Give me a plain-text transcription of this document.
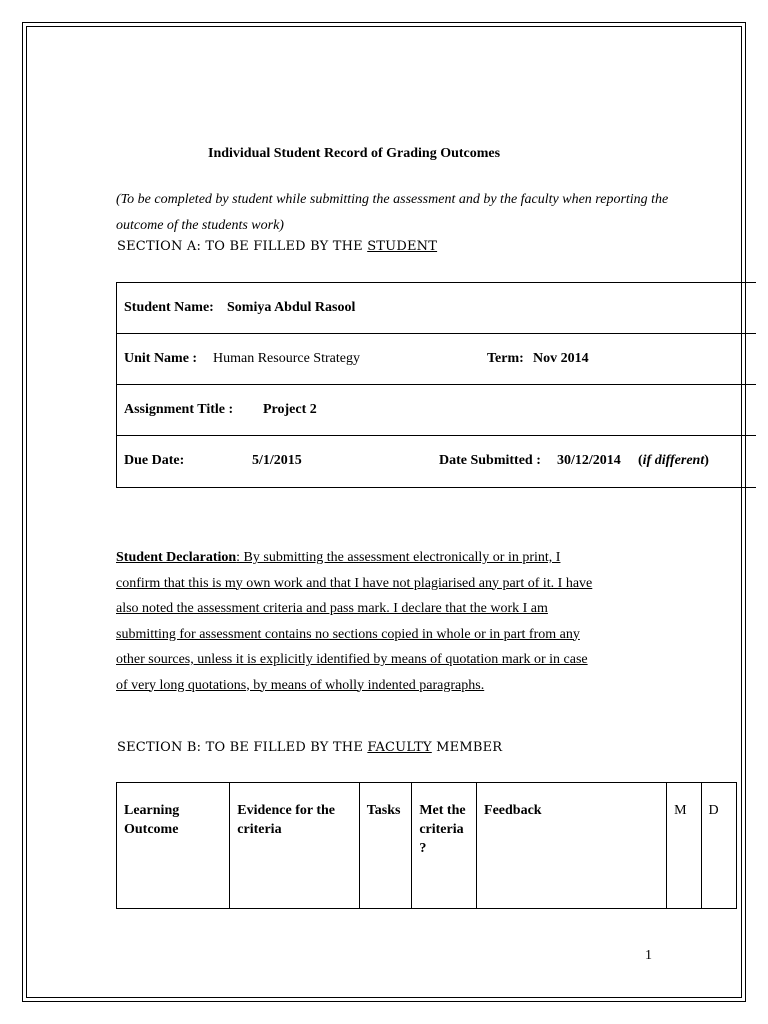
Individual Student Record of Grading Outcomes
(To be completed by student while submitting the assessment and by the faculty when reporting the outcome of the students work)
SECTION A: TO BE FILLED BY THE STUDENT
Student Name: Somiya Abdul Rasool
Unit Name : Human Resource Strategy	Term: Nov 2014
Assignment Title : Project 2
Due Date:	5/1/2015	Date Submitted : 30/12/2014 (if different)
Student Declaration: By submitting the assessment electronically or in print, I
confirm that this is my own work and that I have not plagiarised any part of it. I have
also noted the assessment criteria and pass mark. I declare that the work I am
submitting for assessment contains no sections copied in whole or in part from any
other sources, unless it is explicitly identified by means of quotation mark or in case
of very long quotations, by means of wholly indented paragraphs.
SECTION B: TO BE FILLED BY THE FACULTY MEMBER
Learning Outcome	Evidence for the criteria	Tasks	Met the criteria ?	Feedback	M	D
1
